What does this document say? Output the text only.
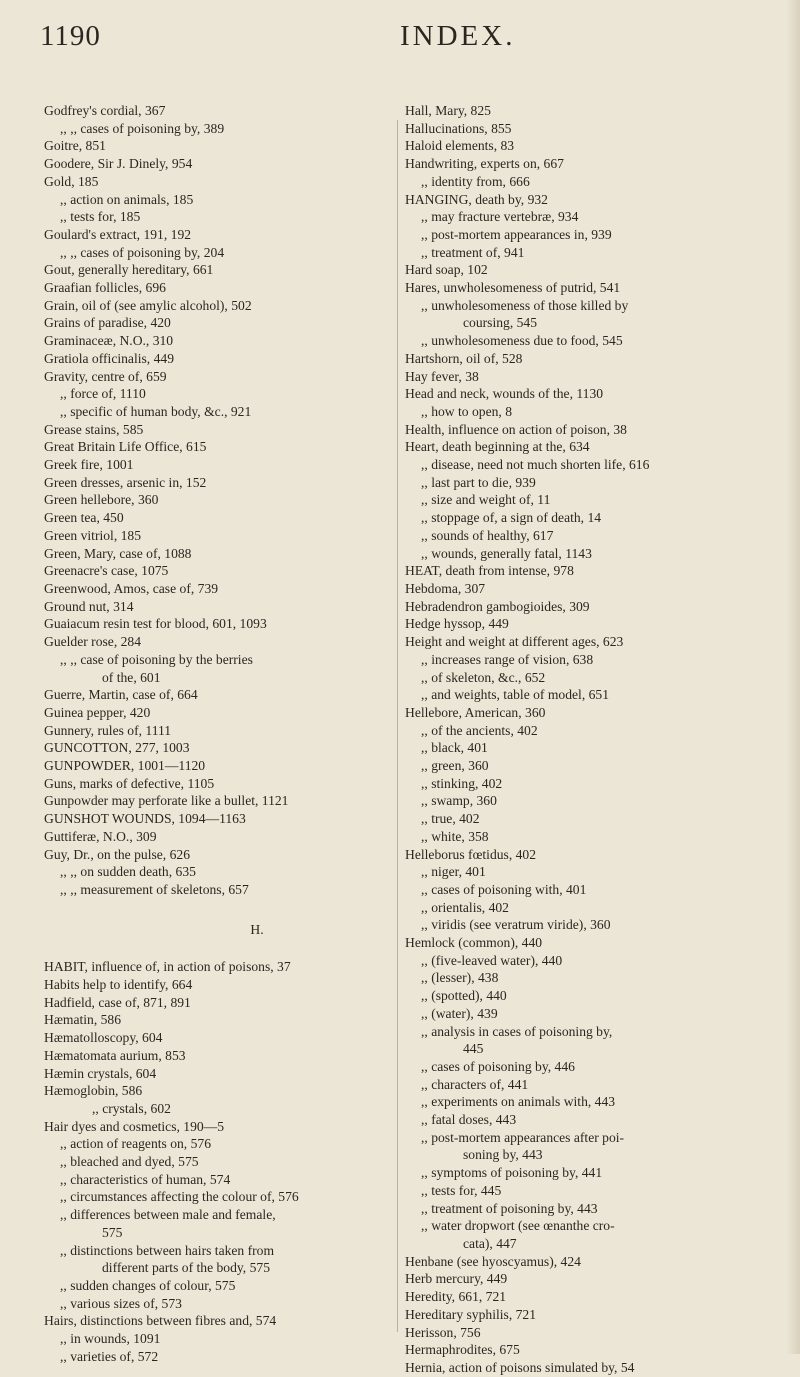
1190	INDEX.
Godfrey's cordial, 367
,, ,, cases of poisoning by, 389
Goitre, 851
Goodere, Sir J. Dinely, 954
Gold, 185
,, action on animals, 185
,, tests for, 185
Goulard's extract, 191, 192
,, ,, cases of poisoning by, 204
Gout, generally hereditary, 661
Graafian follicles, 696
Grain, oil of (see amylic alcohol), 502
Grains of paradise, 420
Graminaceæ, N.O., 310
Gratiola officinalis, 449
Gravity, centre of, 659
,, force of, 1110
,, specific of human body, &c., 921
Grease stains, 585
Great Britain Life Office, 615
Greek fire, 1001
Green dresses, arsenic in, 152
Green hellebore, 360
Green tea, 450
Green vitriol, 185
Green, Mary, case of, 1088
Greenacre's case, 1075
Greenwood, Amos, case of, 739
Ground nut, 314
Guaiacum resin test for blood, 601, 1093
Guelder rose, 284
,, ,, case of poisoning by the berries
of the, 601
Guerre, Martin, case of, 664
Guinea pepper, 420
Gunnery, rules of, 1111
GUNCOTTON, 277, 1003
GUNPOWDER, 1001—1120
Guns, marks of defective, 1105
Gunpowder may perforate like a bullet, 1121
GUNSHOT WOUNDS, 1094—1163
Guttiferæ, N.O., 309
Guy, Dr., on the pulse, 626
,, ,, on sudden death, 635
,, ,, measurement of skeletons, 657
H.
HABIT, influence of, in action of poisons, 37
Habits help to identify, 664
Hadfield, case of, 871, 891
Hæmatin, 586
Hæmatolloscopy, 604
Hæmatomata aurium, 853
Hæmin crystals, 604
Hæmoglobin, 586
,, crystals, 602
Hair dyes and cosmetics, 190—5
,, action of reagents on, 576
,, bleached and dyed, 575
,, characteristics of human, 574
,, circumstances affecting the colour of, 576
,, differences between male and female,
575
,, distinctions between hairs taken from
different parts of the body, 575
,, sudden changes of colour, 575
,, various sizes of, 573
Hairs, distinctions between fibres and, 574
,, in wounds, 1091
,, varieties of, 572
Hall, Mary, 825
Hallucinations, 855
Haloid elements, 83
Handwriting, experts on, 667
,, identity from, 666
HANGING, death by, 932
,, may fracture vertebræ, 934
,, post-mortem appearances in, 939
,, treatment of, 941
Hard soap, 102
Hares, unwholesomeness of putrid, 541
,, unwholesomeness of those killed by
coursing, 545
,, unwholesomeness due to food, 545
Hartshorn, oil of, 528
Hay fever, 38
Head and neck, wounds of the, 1130
,, how to open, 8
Health, influence on action of poison, 38
Heart, death beginning at the, 634
,, disease, need not much shorten life, 616
,, last part to die, 939
,, size and weight of, 11
,, stoppage of, a sign of death, 14
,, sounds of healthy, 617
,, wounds, generally fatal, 1143
HEAT, death from intense, 978
Hebdoma, 307
Hebradendron gambogioides, 309
Hedge hyssop, 449
Height and weight at different ages, 623
,, increases range of vision, 638
,, of skeleton, &c., 652
,, and weights, table of model, 651
Hellebore, American, 360
,, of the ancients, 402
,, black, 401
,, green, 360
,, stinking, 402
,, swamp, 360
,, true, 402
,, white, 358
Helleborus fœtidus, 402
,, niger, 401
,, cases of poisoning with, 401
,, orientalis, 402
,, viridis (see veratrum viride), 360
Hemlock (common), 440
,, (five-leaved water), 440
,, (lesser), 438
,, (spotted), 440
,, (water), 439
,, analysis in cases of poisoning by,
445
,, cases of poisoning by, 446
,, characters of, 441
,, experiments on animals with, 443
,, fatal doses, 443
,, post-mortem appearances after poi-
soning by, 443
,, symptoms of poisoning by, 441
,, tests for, 445
,, treatment of poisoning by, 443
,, water dropwort (see œnanthe cro-
cata), 447
Henbane (see hyoscyamus), 424
Herb mercury, 449
Heredity, 661, 721
Hereditary syphilis, 721
Herisson, 756
Hermaphrodites, 675
Hernia, action of poisons simulated by, 54
